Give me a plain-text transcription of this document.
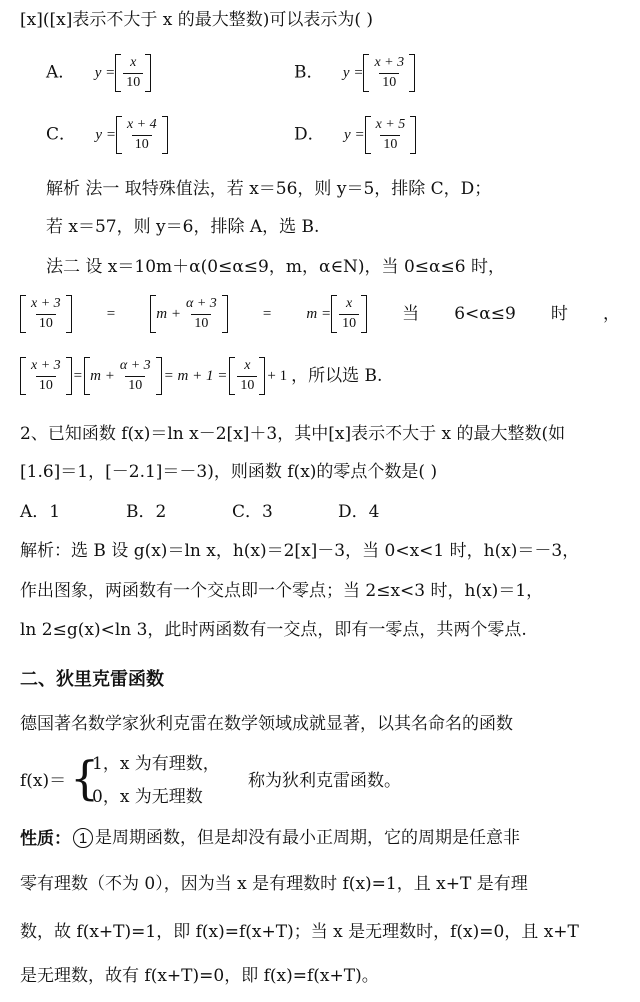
[x]([x]表示不大于 x 的最大整数)可以表示为( )
A． $y = \frac{x}{10}$	B． $y = \frac{x + 3}{10}$
C． $y = \frac{x + 4}{10}$	D． $y = \frac{x + 5}{10}$
解析 法一 取特殊值法，若 x＝56，则 y＝5，排除 C，D；
若 x＝57，则 y＝6，排除 A，选 B.
法二 设 x＝10m＋α(0≤α≤9，m，α∈N)，当 0≤α≤6 时，
$\frac{x + 3}{10}$	=	$m + \frac{\alpha + 3}{10}$	= $m = \frac{x}{10}$	当 6<α≤9 时 ，
$\frac{x + 3}{10} = m + \frac{\alpha + 3}{10} = m + 1 = \frac{x}{10} + 1$ ，所以选 B.
2、已知函数 f(x)＝ln x－2[x]＋3，其中[x]表示不大于 x 的最大整数(如
[1.6]＝1，[－2.1]＝－3)，则函数 f(x)的零点个数是( )
A．1	B．2	C．3	D．4
解析：选 B 设 g(x)＝ln x，h(x)＝2[x]－3，当 0<x<1 时，h(x)＝－3，
作出图象，两函数有一个交点即一个零点；当 2≤x<3 时，h(x)＝1，
ln 2≤g(x)<ln 3，此时两函数有一交点，即有一零点，共两个零点.
二、狄里克雷函数
德国著名数学家狄利克雷在数学领域成就显著，以其名命名的函数
f(x)＝ {
1，x 为有理数，
0，x 为无理数
称为狄利克雷函数。
性质： 1 是周期函数，但是却没有最小正周期，它的周期是任意非
零有理数（不为 0），因为当 x 是有理数时 f(x)=1，且 x+T 是有理
数，故 f(x+T)=1，即 f(x)=f(x+T)；当 x 是无理数时，f(x)=0，且 x+T
是无理数，故有 f(x+T)=0，即 f(x)=f(x+T)。
